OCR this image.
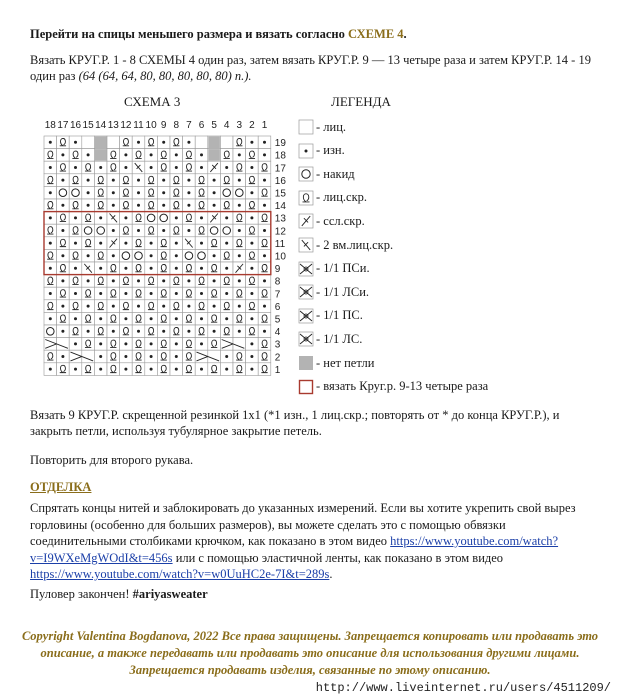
Перейти на спицы меньшего размера и вязать согласно СХЕМЕ 4.
Вязать КРУГ.Р. 1 - 8 СХЕМЫ 4 один раз, затем вязать КРУГ.Р. 9 — 13 четыре раза и затем КРУГ.Р. 14 - 19 один раз (64 (64, 64, 80, 80, 80, 80, 80) п.).
СХЕМА 3	ЛЕГЕНДА
18 17 16 15 14 13 12 11 10 9 8 7 6 5 4 3 2 1
19
18
17
16
15
14
13
12
11
10
9
8
7
6
5
4
3
2
1
- лиц.
- изн.
- накид
- лиц.скр.
- ссл.скр.
- 2 вм.лиц.скр.
- 1/1 ПСи.
- 1/1 ЛСи.
- 1/1 ПС.
- 1/1 ЛС.
- нет петли
- вязать Круг.р. 9-13 четыре раза
Вязать 9 КРУГ.Р. скрещенной резинкой 1x1 (*1 изн., 1 лиц.скр.; повторять от * до конца КРУГ.Р.), и закрыть петли, используя тубулярное закрытие петель.
Повторить для второго рукава.
ОТДЕЛКА
Спрятать концы нитей и заблокировать до указанных измерений. Если вы хотите укрепить свой вырез горловины (особенно для больших размеров), вы можете сделать это с помощью обвязки соединительными столбиками крючком, как показано в этом видео https://www.youtube.com/watch?v=I9WXeMgWOdI&t=456s или с помощью эластичной ленты, как показано в этом видео https://www.youtube.com/watch?v=w0UuHC2e-7I&t=289s.
Пуловер закончен! #ariyasweater
Copyright Valentina Bogdanova, 2022 Все права защищены. Запрещается копировать или продавать это описание, а также передавать или продавать это описание для использования другими лицами. Запрещается продавать изделия, связанные по этому описанию.
http://www.liveinternet.ru/users/4511209/
